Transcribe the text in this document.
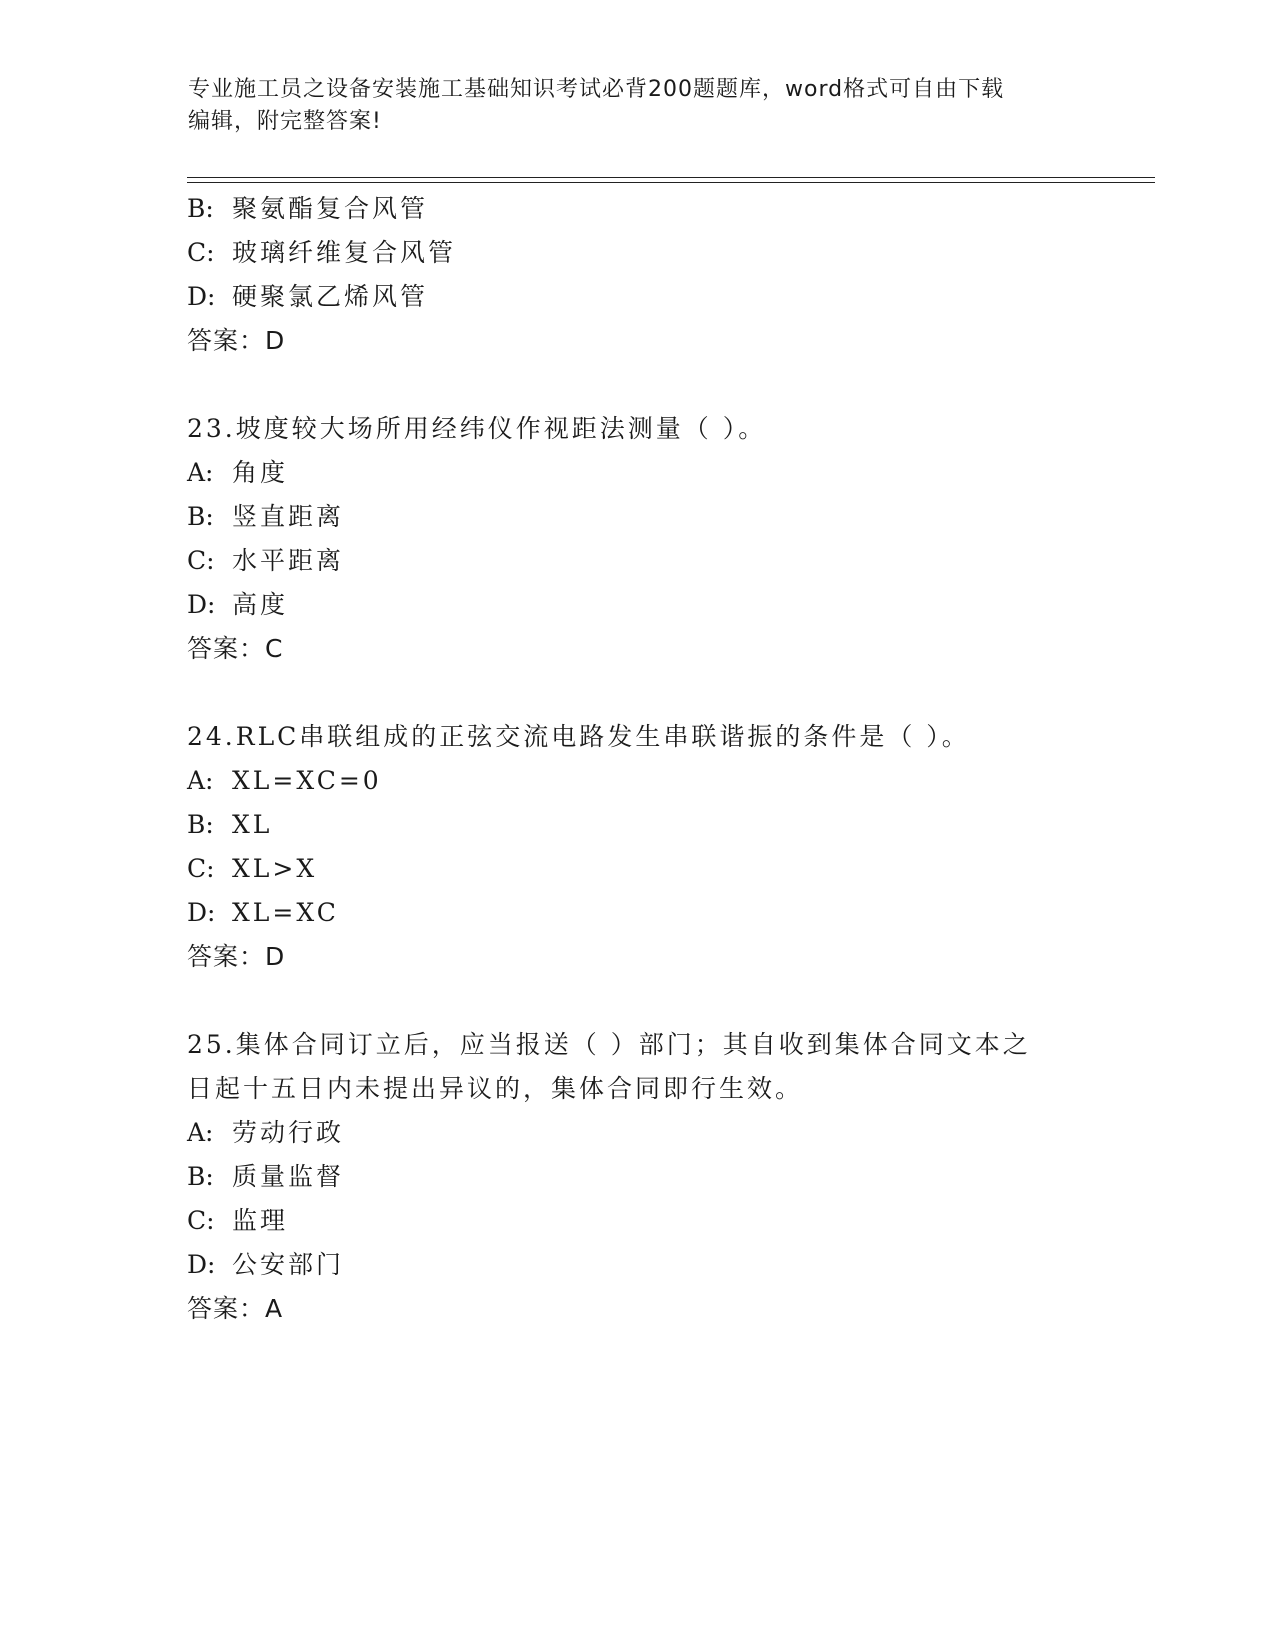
专业施工员之设备安装施工基础知识考试必背200题题库，word格式可自由下载
编辑，附完整答案!
B: 聚氨酯复合风管
C: 玻璃纤维复合风管
D: 硬聚氯乙烯风管
答案：D
23.坡度较大场所用经纬仪作视距法测量（ ）。
A: 角度
B: 竖直距离
C: 水平距离
D: 高度
答案：C
24.RLC串联组成的正弦交流电路发生串联谐振的条件是（ ）。
A: XL=XC=0
B: XL
C: XL>X
D: XL=XC
答案：D
25.集体合同订立后，应当报送（ ）部门；其自收到集体合同文本之
日起十五日内未提出异议的，集体合同即行生效。
A: 劳动行政
B: 质量监督
C: 监理
D: 公安部门
答案：A
